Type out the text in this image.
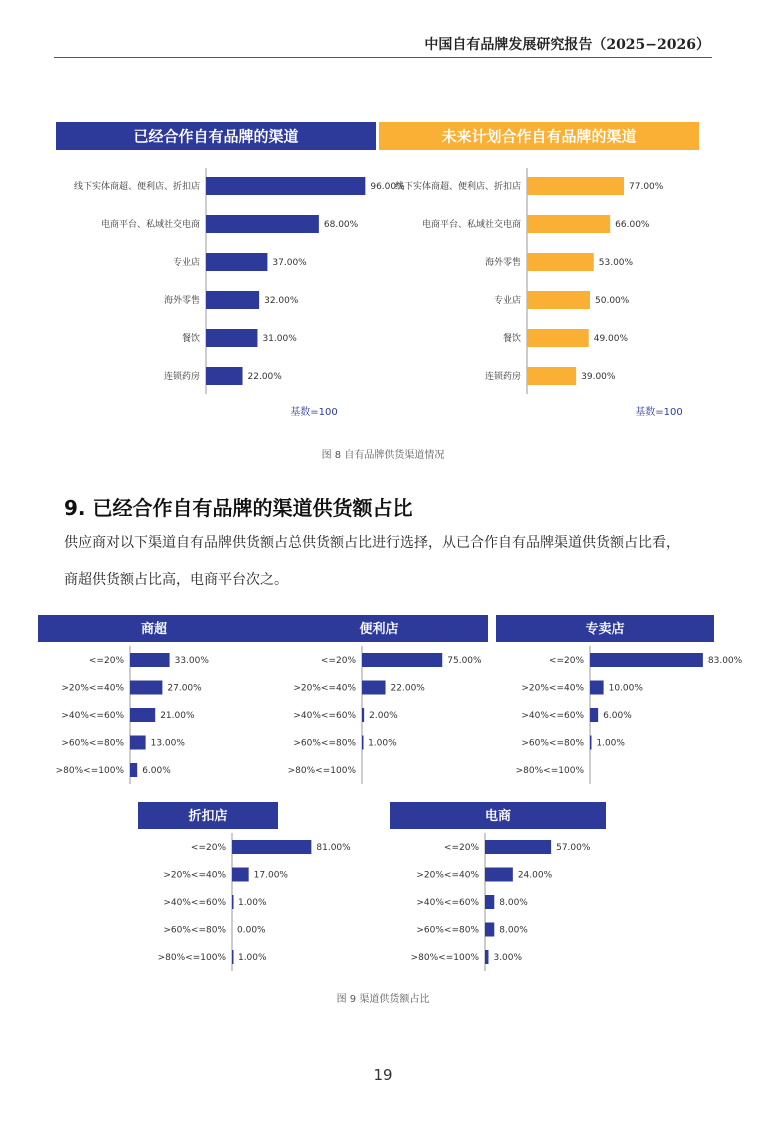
中国自有品牌发展研究报告（2025−2026）
已经合作自有品牌的渠道
线下实体商超、便利店、折扣店	96.00%
电商平台、私域社交电商	68.00%
专业店	37.00%
海外零售	32.00%
餐饮	31.00%
连锁药房	22.00%
基数=100
未来计划合作自有品牌的渠道
线下实体商超、便利店、折扣店	77.00%
电商平台、私域社交电商	66.00%
海外零售	53.00%
专业店	50.00%
餐饮	49.00%
连锁药房	39.00%
基数=100
图 8 自有品牌供货渠道情况
9. 已经合作自有品牌的渠道供货额占比
供应商对以下渠道自有品牌供货额占总供货额占比进行选择，从已合作自有品牌渠道供货额占比看，
商超供货额占比高，电商平台次之。
商超
<=20%	33.00%
>20%<=40%	27.00%
>40%<=60%	21.00%
>60%<=80%	13.00%
>80%<=100% 6.00%
便利店
<=20%	75.00%
>20%<=40%	22.00%
>40%<=60% 2.00%
>60%<=80% 1.00%
>80%<=100%
专卖店
<=20%	83.00%
>20%<=40%	10.00%
>40%<=60% 6.00%
>60%<=80% 1.00%
>80%<=100%
折扣店
<=20%	81.00%
>20%<=40%	17.00%
>40%<=60% 1.00%
>60%<=80% 0.00%
>80%<=100% 1.00%
电商
<=20%	57.00%
>20%<=40%	24.00%
>40%<=60% 8.00%
>60%<=80% 8.00%
>80%<=100% 3.00%
图 9 渠道供货额占比
19
